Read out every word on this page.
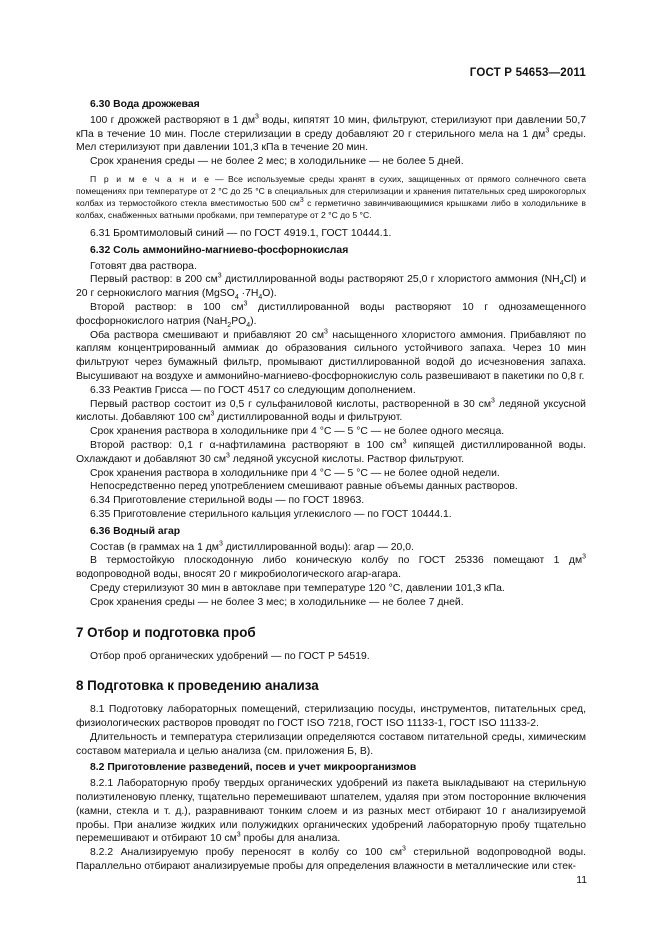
ГОСТ Р 54653—2011
6.30 Вода дрожжевая

100 г дрожжей растворяют в 1 $дм^3$ воды, кипятят 10 мин, фильтруют, стерилизуют при давлении 50,7 кПа в течение 10 мин. После стерилизации в среду добавляют 20 г стерильного мела на 1 $дм^3$ среды. Мел стерилизуют при давлении 101,3 кПа в течение 20 мин.

Срок хранения среды — не более 2 мес; в холодильнике — не более 5 дней.

П р и м е ч а н и е — Все используемые среды хранят в сухих, защищенных от прямого солнечного света помещениях при температуре от 2 °С до 25 °С в специальных для стерилизации и хранения питательных сред широкогорлых колбах из термостойкого стекла вместимостью 500 $см^3$ с герметично завинчивающимися крышками либо в холодильнике в колбах, снабженных ватными пробками, при температуре от 2 °С до 5 °С.

6.31 Бромтимоловый синий — по ГОСТ 4919.1, ГОСТ 10444.1.

6.32 Соль аммонийно-магниево-фосфорнокислая

Готовят два раствора.

Первый раствор: в 200 $см^3$ дистиллированной воды растворяют 25,0 г хлористого аммония $(NH_4Cl)$ и 20 г сернокислого магния (MgSO$_4$ $\cdot 7H_4O$).

Второй раствор: в 100 $см^3$ дистиллированной воды растворяют 10 г однозамещенного фосфорнокислого натрия $(NaH_2PO_4)$.

Оба раствора смешивают и прибавляют 20 $см^3$ насыщенного хлористого аммония. Прибавляют по каплям концентрированный аммиак до образования сильного устойчивого запаха. Через 10 мин фильтруют через бумажный фильтр, промывают дистиллированной водой до исчезновения запаха. Высушивают на воздухе и аммонийно-магниево-фосфорнокислую соль развешивают в пакетики по 0,8 г.

6.33 Реактив Грисса — по ГОСТ 4517 со следующим дополнением.

Первый раствор состоит из 0,5 г сульфаниловой кислоты, растворенной в 30 $см^3$ ледяной уксусной кислоты. Добавляют 100 $см^3$ дистиллированной воды и фильтруют.

Срок хранения раствора в холодильнике при 4 °С — 5 °С — не более одного месяца.

Второй раствор: 0,1 г α-нафтиламина растворяют в 100 $см^3$ кипящей дистиллированной воды. Охлаждают и добавляют 30 $см^3$ ледяной уксусной кислоты. Раствор фильтруют.

Срок хранения раствора в холодильнике при 4 °С — 5 °С — не более одной недели.

Непосредственно перед употреблением смешивают равные объемы данных растворов.

6.34 Приготовление стерильной воды — по ГОСТ 18963.

6.35 Приготовление стерильного кальция углекислого — по ГОСТ 10444.1.

6.36 Водный агар

Состав (в граммах на 1 $дм^3$ дистиллированной воды): агар — 20,0.

В термостойкую плоскодонную либо коническую колбу по ГОСТ 25336 помещают 1 $дм^3$ водопроводной воды, вносят 20 г микробиологического агар-агара.

Среду стерилизуют 30 мин в автоклаве при температуре 120 °С, давлении 101,3 кПа.

Срок хранения среды — не более 3 мес; в холодильнике — не более 7 дней.

7 Отбор и подготовка проб

Отбор проб органических удобрений — по ГОСТ Р 54519.

8 Подготовка к проведению анализа

8.1 Подготовку лабораторных помещений, стерилизацию посуды, инструментов, питательных сред, физиологических растворов проводят по ГОСТ ISO 7218, ГОСТ ISO 11133-1, ГОСТ ISO 11133-2.

Длительность и температура стерилизации определяются составом питательной среды, химическим составом материала и целью анализа (см. приложения Б, В).

8.2 Приготовление разведений, посев и учет микроорганизмов

8.2.1 Лабораторную пробу твердых органических удобрений из пакета выкладывают на стерильную полиэтиленовую пленку, тщательно перемешивают шпателем, удаляя при этом посторонние включения (камни, стекла и т. д.), разравнивают тонким слоем и из разных мест отбирают 10 г анализируемой пробы. При анализе жидких или полужидких органических удобрений лабораторную пробу тщательно перемешивают и отбирают 10 $см^3$ пробы для анализа.

8.2.2 Анализируемую пробу переносят в колбу со 100 $см^3$ стерильной водопроводной воды. Параллельно отбирают анализируемые пробы для определения влажности в металлические или стек-

11
